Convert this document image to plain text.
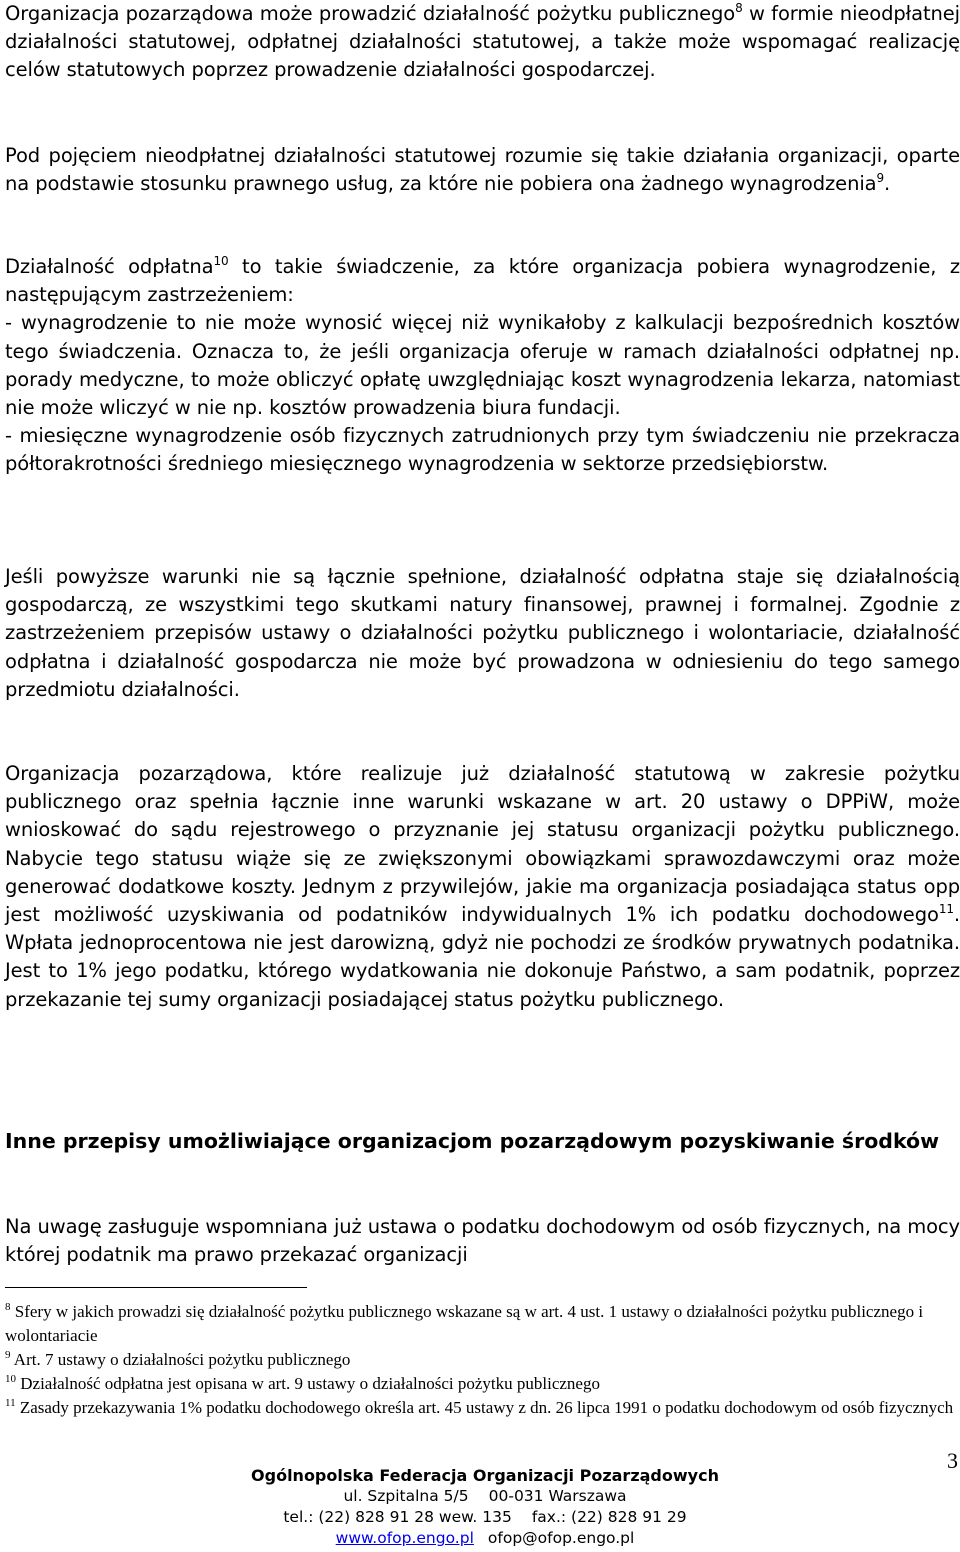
Organizacja pozarządowa może prowadzić działalność pożytku publicznego$^8$ w formie nieodpłatnej działalności statutowej, odpłatnej działalności statutowej, a także może wspomagać realizację celów statutowych poprzez prowadzenie działalności gospodarczej.

Pod pojęciem nieodpłatnej działalności statutowej rozumie się takie działania organizacji, oparte na podstawie stosunku prawnego usług, za które nie pobiera ona żadnego wynagrodzenia$^9$.

Działalność odpłatna$^{10}$ to takie świadczenie, za które organizacja pobiera wynagrodzenie, z następującym zastrzeżeniem:

- wynagrodzenie to nie może wynosić więcej niż wynikałoby z kalkulacji bezpośrednich kosztów tego świadczenia. Oznacza to, że jeśli organizacja oferuje w ramach działalności odpłatnej np. porady medyczne, to może obliczyć opłatę uwzględniając koszt wynagrodzenia lekarza, natomiast nie może wliczyć w nie np. kosztów prowadzenia biura fundacji.

- miesięczne wynagrodzenie osób fizycznych zatrudnionych przy tym świadczeniu nie przekracza półtorakrotności średniego miesięcznego wynagrodzenia w sektorze przedsiębiorstw.

Jeśli powyższe warunki nie są łącznie spełnione, działalność odpłatna staje się działalnością gospodarczą, ze wszystkimi tego skutkami natury finansowej, prawnej i formalnej. Zgodnie z zastrzeżeniem przepisów ustawy o działalności pożytku publicznego i wolontariacie, działalność odpłatna i działalność gospodarcza nie może być prowadzona w odniesieniu do tego samego przedmiotu działalności.

Organizacja pozarządowa, które realizuje już działalność statutową w zakresie pożytku publicznego oraz spełnia łącznie inne warunki wskazane w art. 20 ustawy o DPPiW, może wnioskować do sądu rejestrowego o przyznanie jej statusu organizacji pożytku publicznego. Nabycie tego statusu wiąże się ze zwiększonymi obowiązkami sprawozdawczymi oraz może generować dodatkowe koszty. Jednym z przywilejów, jakie ma organizacja posiadająca status opp jest możliwość uzyskiwania od podatników indywidualnych 1% ich podatku dochodowego$^{11}$. Wpłata jednoprocentowa nie jest darowizną, gdyż nie pochodzi ze środków prywatnych podatnika. Jest to 1% jego podatku, którego wydatkowania nie dokonuje Państwo, a sam podatnik, poprzez przekazanie tej sumy organizacji posiadającej status pożytku publicznego.

Inne przepisy umożliwiające organizacjom pozarządowym pozyskiwanie środków

Na uwagę zasługuje wspomniana już ustawa o podatku dochodowym od osób fizycznych, na mocy której podatnik ma prawo przekazać organizacji

$^8$ Sfery w jakich prowadzi się działalność pożytku publicznego wskazane są w art. 4 ust. 1 ustawy o działalności pożytku publicznego i wolontariacie

$^9$ Art. 7 ustawy o działalności pożytku publicznego

$^{10}$ Działalność odpłatna jest opisana w art. 9 ustawy o działalności pożytku publicznego

$^{11}$ Zasady przekazywania 1% podatku dochodowego określa art. 45 ustawy z dn. 26 lipca 1991 o podatku dochodowym od osób fizycznych

3
Ogólnopolska Federacja Organizacji Pozarządowych
ul. Szpitalna 5/5 00-031 Warszawa
tel.: (22) 828 91 28 wew. 135 fax.: (22) 828 91 29
www.ofop.engo.pl ofop@ofop.engo.pl
